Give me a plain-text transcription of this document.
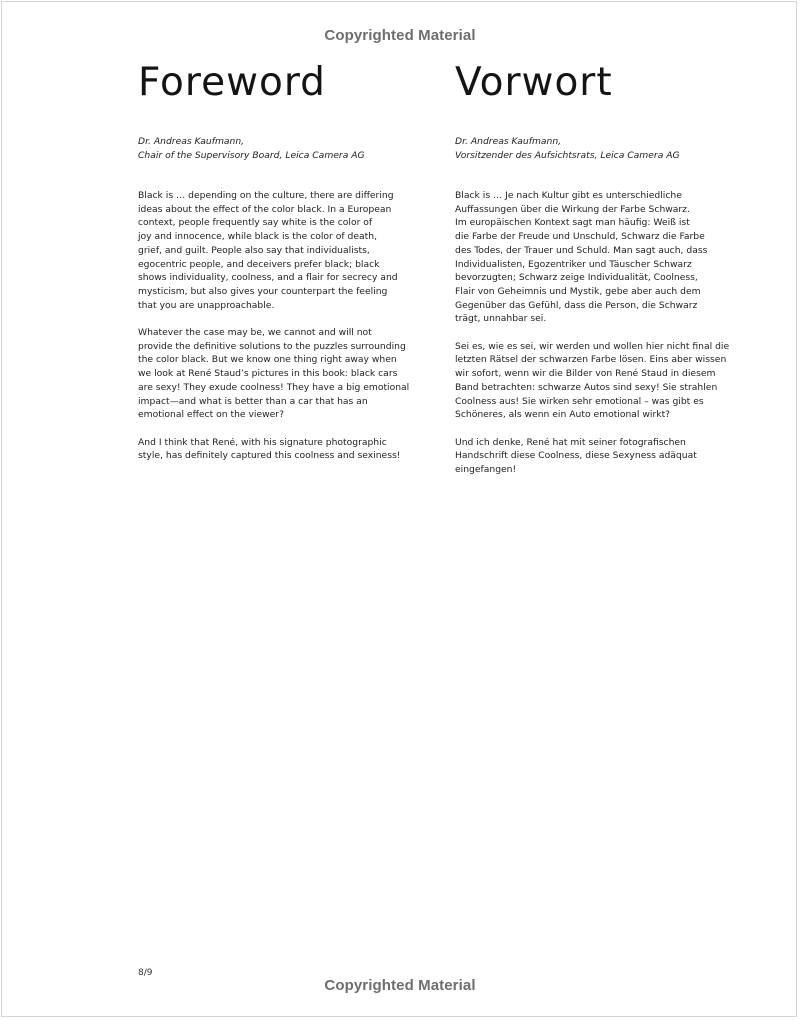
Copyrighted Material
Foreword
Dr. Andreas Kaufmann,
Chair of the Supervisory Board, Leica Camera AG

Black is … depending on the culture, there are differing
ideas about the effect of the color black. In a European
context, people frequently say white is the color of
joy and innocence, while black is the color of death,
grief, and guilt. People also say that individualists,
egocentric people, and deceivers prefer black; black
shows individuality, coolness, and a flair for secrecy and
mysticism, but also gives your counterpart the feeling
that you are unapproachable.

Whatever the case may be, we cannot and will not
provide the definitive solutions to the puzzles surrounding
the color black. But we know one thing right away when
we look at René Staud’s pictures in this book: black cars
are sexy! They exude coolness! They have a big emotional
impact—and what is better than a car that has an
emotional effect on the viewer?

And I think that René, with his signature photographic
style, has definitely captured this coolness and sexiness!

Vorwort
Dr. Andreas Kaufmann,
Vorsitzender des Aufsichtsrats, Leica Camera AG

Black is … Je nach Kultur gibt es unterschiedliche
Auffassungen über die Wirkung der Farbe Schwarz.
Im europäischen Kontext sagt man häufig: Weiß ist
die Farbe der Freude und Unschuld, Schwarz die Farbe
des Todes, der Trauer und Schuld. Man sagt auch, dass
Individualisten, Egozentriker und Täuscher Schwarz
bevorzugten; Schwarz zeige Individualität, Coolness,
Flair von Geheimnis und Mystik, gebe aber auch dem
Gegenüber das Gefühl, dass die Person, die Schwarz
trägt, unnahbar sei.

Sei es, wie es sei, wir werden und wollen hier nicht final die
letzten Rätsel der schwarzen Farbe lösen. Eins aber wissen
wir sofort, wenn wir die Bilder von René Staud in diesem
Band betrachten: schwarze Autos sind sexy! Sie strahlen
Coolness aus! Sie wirken sehr emotional – was gibt es
Schöneres, als wenn ein Auto emotional wirkt?

Und ich denke, René hat mit seiner fotografischen
Handschrift diese Coolness, diese Sexyness adäquat
eingefangen!

8/9
Copyrighted Material
